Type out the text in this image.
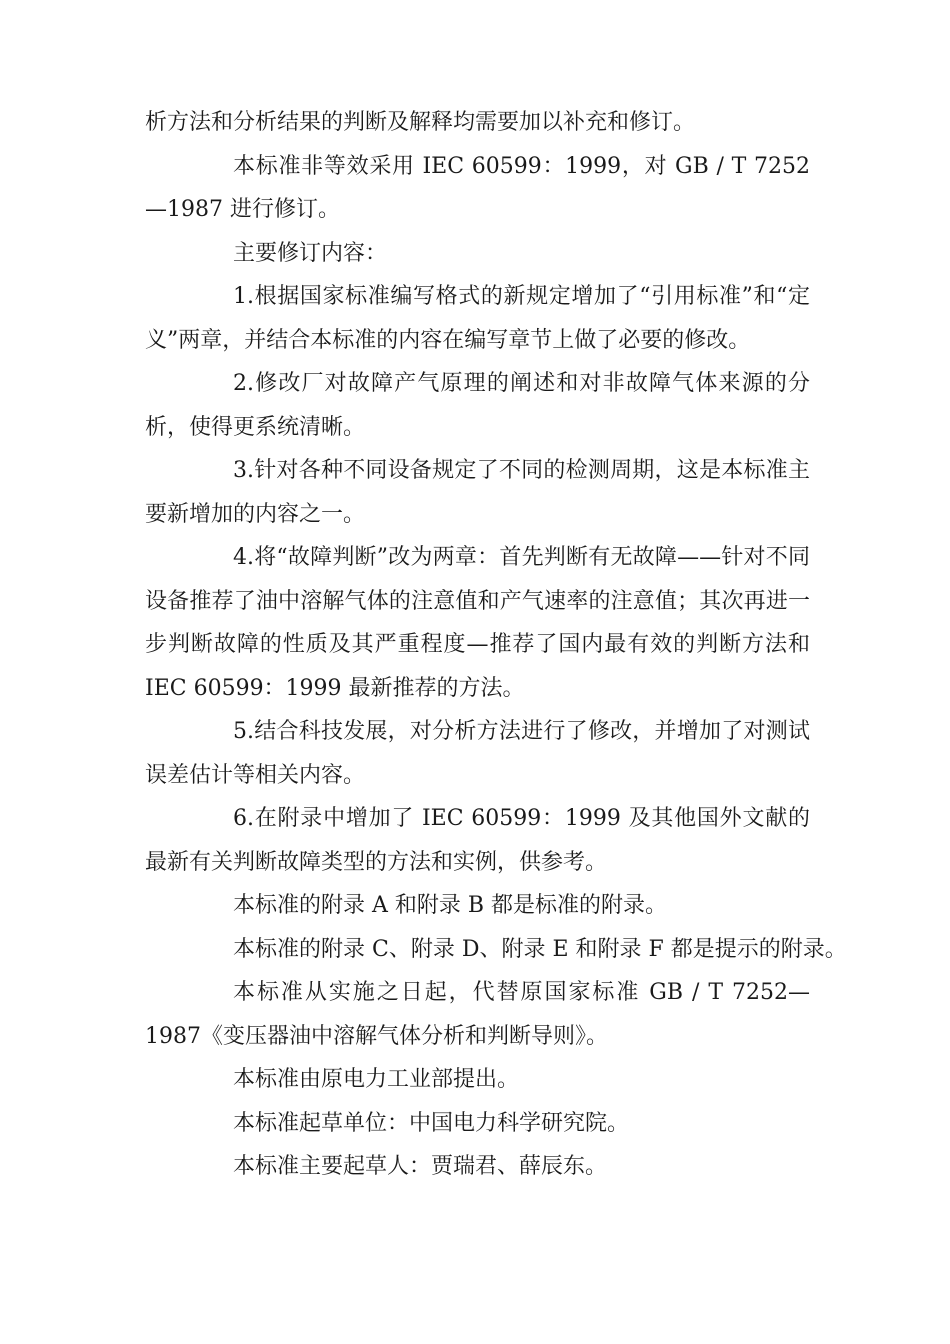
析方法和分析结果的判断及解释均需要加以补充和修订。

本标准非等效采用 IEC 60599：1999，对 GB / T 7252—1987 进行修订。

主要修订内容：

1.根据国家标准编写格式的新规定增加了“引用标准”和“定义”两章，并结合本标准的内容在编写章节上做了必要的修改。

2.修改厂对故障产气原理的阐述和对非故障气体来源的分析，使得更系统清晰。

3.针对各种不同设备规定了不同的检测周期，这是本标准主要新增加的内容之一。

4.将“故障判断”改为两章：首先判断有无故障——针对不同设备推荐了油中溶解气体的注意值和产气速率的注意值；其次再进一步判断故障的性质及其严重程度—推荐了国内最有效的判断方法和 IEC 60599：1999 最新推荐的方法。

5.结合科技发展，对分析方法进行了修改，并增加了对测试误差估计等相关内容。

6.在附录中增加了 IEC 60599：1999 及其他国外文献的最新有关判断故障类型的方法和实例，供参考。

本标准的附录 A 和附录 B 都是标准的附录。

本标准的附录 C、附录 D、附录 E 和附录 F 都是提示的附录。

本标准从实施之日起，代替原国家标准 GB / T 7252—1987《变压器油中溶解气体分析和判断导则》。

本标准由原电力工业部提出。

本标准起草单位：中国电力科学研究院。

本标准主要起草人：贾瑞君、薛辰东。
